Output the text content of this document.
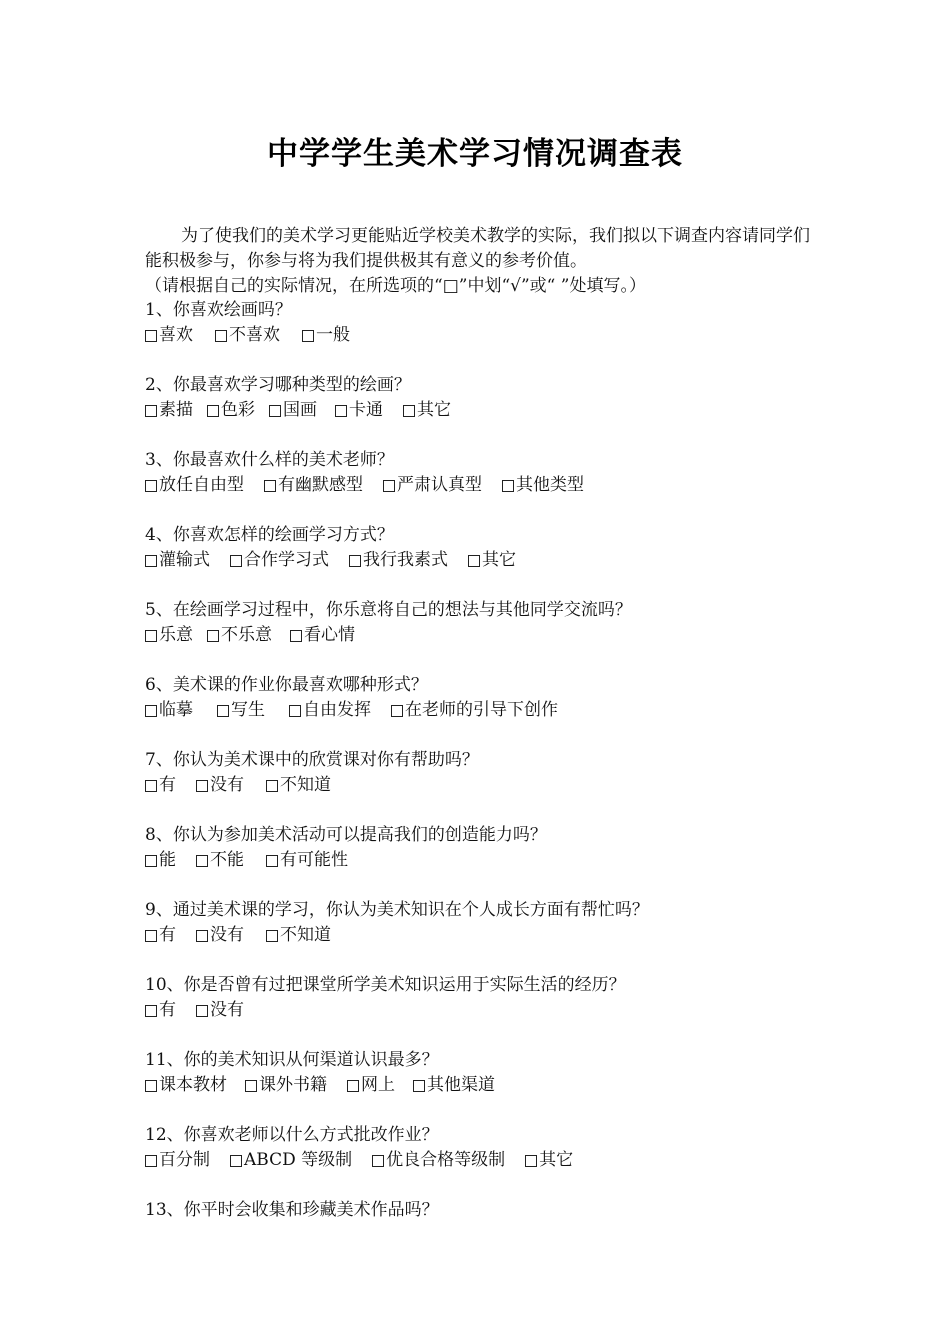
中学学生美术学习情况调查表
为了使我们的美术学习更能贴近学校美术教学的实际，我们拟以下调查内容请同学们能积极参与，你参与将为我们提供极其有意义的参考价值。
（请根据自己的实际情况，在所选项的“□”中划“√”或“ ”处填写。）
1、你喜欢绘画吗？
喜欢 不喜欢 一般
2、你最喜欢学习哪种类型的绘画？
素描 色彩 国画 卡通 其它
3、你最喜欢什么样的美术老师？
放任自由型 有幽默感型 严肃认真型 其他类型
4、你喜欢怎样的绘画学习方式？
灌输式 合作学习式 我行我素式 其它
5、在绘画学习过程中，你乐意将自己的想法与其他同学交流吗？
乐意 不乐意 看心情
6、美术课的作业你最喜欢哪种形式？
临摹 写生 自由发挥 在老师的引导下创作
7、你认为美术课中的欣赏课对你有帮助吗？
有 没有 不知道
8、你认为参加美术活动可以提高我们的创造能力吗？
能 不能 有可能性
9、通过美术课的学习，你认为美术知识在个人成长方面有帮忙吗？
有 没有 不知道
10、你是否曾有过把课堂所学美术知识运用于实际生活的经历？
有 没有
11、你的美术知识从何渠道认识最多？
课本教材 课外书籍 网上 其他渠道
12、你喜欢老师以什么方式批改作业？
百分制 ABCD 等级制 优良合格等级制 其它
13、你平时会收集和珍藏美术作品吗？
